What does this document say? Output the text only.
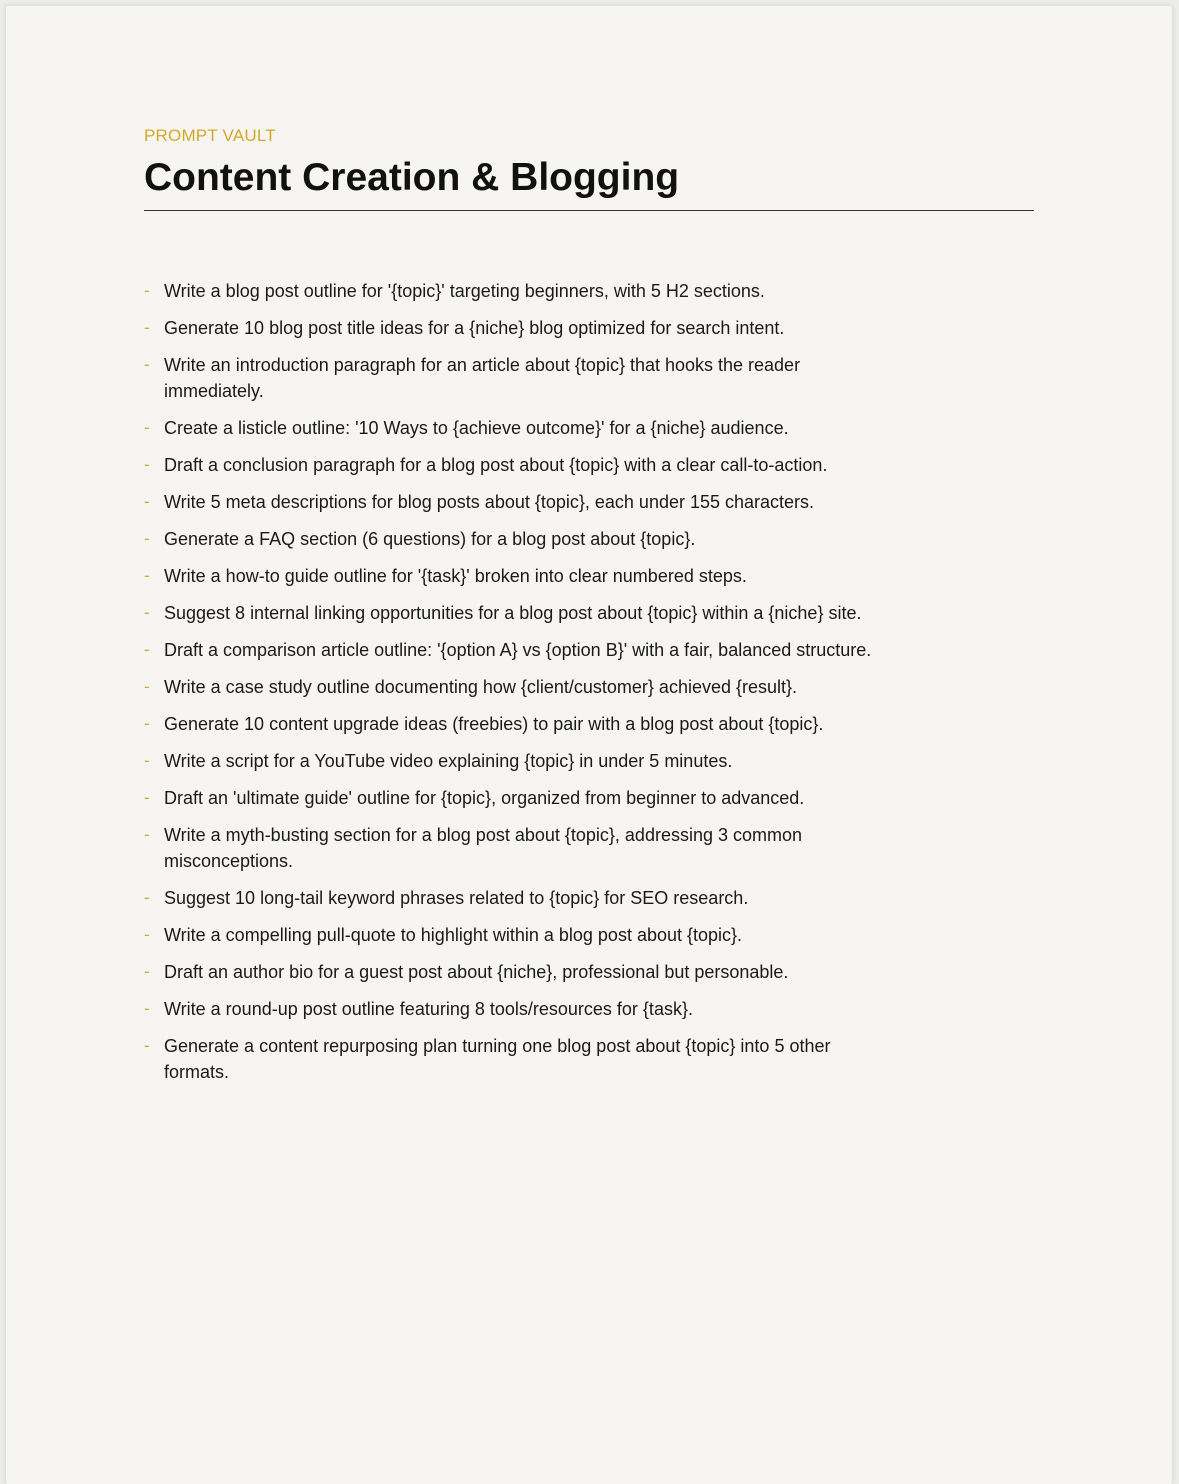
PROMPT VAULT
Content Creation & Blogging
- Write a blog post outline for '{topic}' targeting beginners, with 5 H2 sections.
- Generate 10 blog post title ideas for a {niche} blog optimized for search intent.
- Write an introduction paragraph for an article about {topic} that hooks the reader immediately.
- Create a listicle outline: '10 Ways to {achieve outcome}' for a {niche} audience.
- Draft a conclusion paragraph for a blog post about {topic} with a clear call-to-action.
- Write 5 meta descriptions for blog posts about {topic}, each under 155 characters.
- Generate a FAQ section (6 questions) for a blog post about {topic}.
- Write a how-to guide outline for '{task}' broken into clear numbered steps.
- Suggest 8 internal linking opportunities for a blog post about {topic} within a {niche} site.
- Draft a comparison article outline: '{option A} vs {option B}' with a fair, balanced structure.
- Write a case study outline documenting how {client/customer} achieved {result}.
- Generate 10 content upgrade ideas (freebies) to pair with a blog post about {topic}.
- Write a script for a YouTube video explaining {topic} in under 5 minutes.
- Draft an 'ultimate guide' outline for {topic}, organized from beginner to advanced.
- Write a myth-busting section for a blog post about {topic}, addressing 3 common misconceptions.
- Suggest 10 long-tail keyword phrases related to {topic} for SEO research.
- Write a compelling pull-quote to highlight within a blog post about {topic}.
- Draft an author bio for a guest post about {niche}, professional but personable.
- Write a round-up post outline featuring 8 tools/resources for {task}.
- Generate a content repurposing plan turning one blog post about {topic} into 5 other formats.
